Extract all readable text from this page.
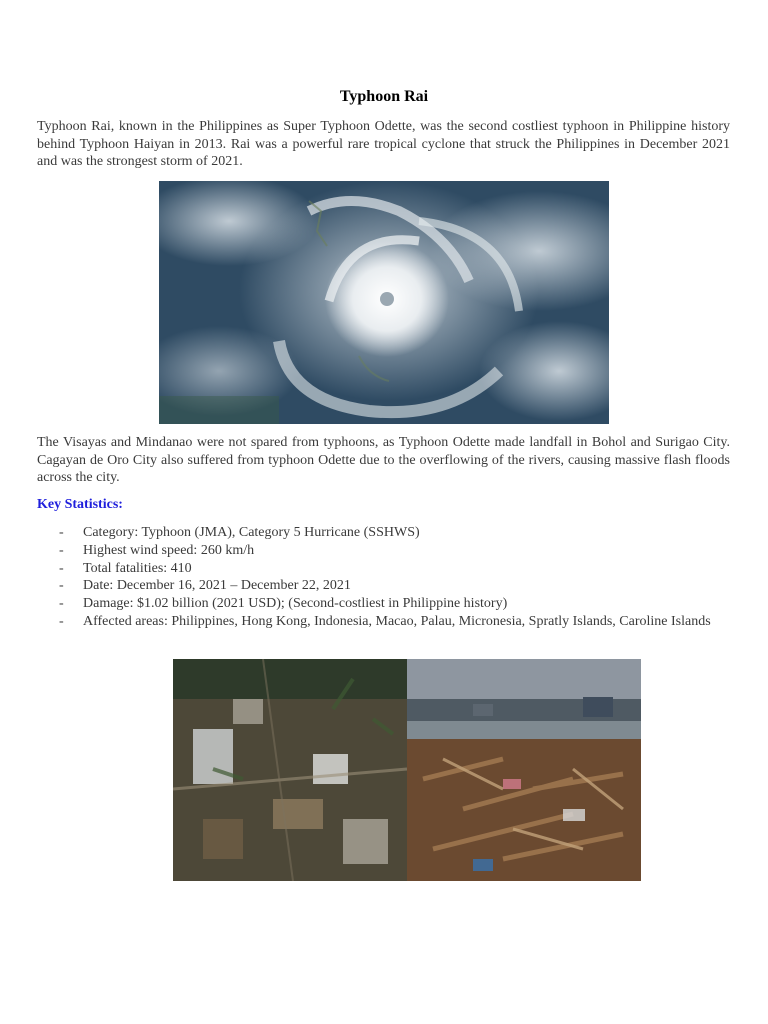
Typhoon Rai

Typhoon Rai, known in the Philippines as Super Typhoon Odette, was the second costliest typhoon in Philippine history behind Typhoon Haiyan in 2013. Rai was a powerful rare tropical cyclone that struck the Philippines in December 2021 and was the strongest storm of 2021.

The Visayas and Mindanao were not spared from typhoons, as Typhoon Odette made landfall in Bohol and Surigao City. Cagayan de Oro City also suffered from typhoon Odette due to the overflowing of the rivers, causing massive flash floods across the city.

Key Statistics:
- Category: Typhoon (JMA), Category 5 Hurricane (SSHWS)
- Highest wind speed: 260 km/h
- Total fatalities: 410
- Date: December 16, 2021 – December 22, 2021
- Damage: $1.02 billion (2021 USD); (Second-costliest in Philippine history)
- Affected areas: Philippines, Hong Kong, Indonesia, Macao, Palau, Micronesia, Spratly Islands, Caroline Islands
